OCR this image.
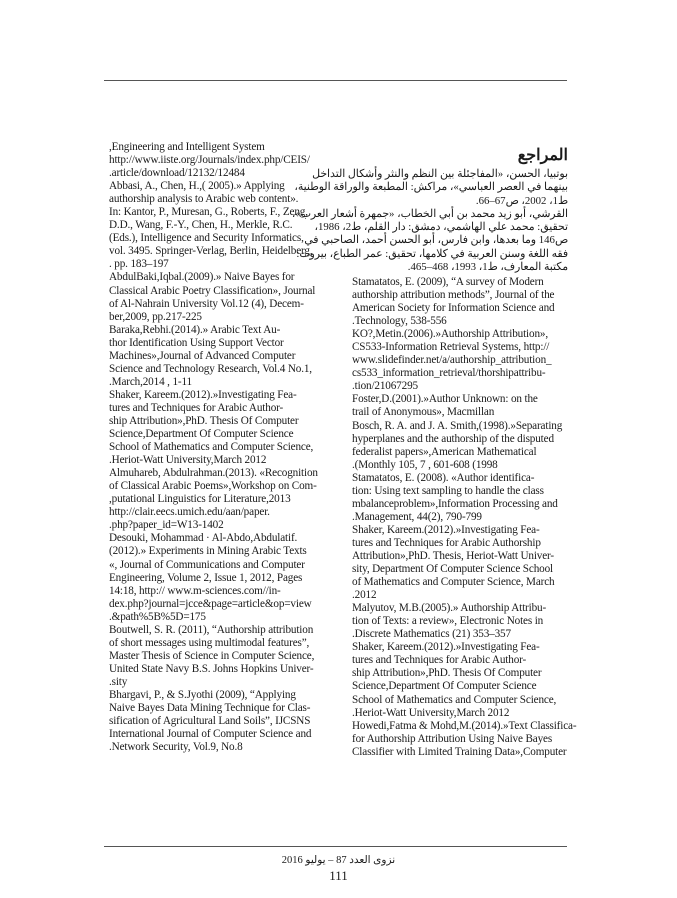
,Engineering and Intelligent System
http://www.iiste.org/Journals/index.php/CEIS/
.article/download/12132/12484
Abbasi, A., Chen, H.,( 2005).» Applying
authorship analysis to Arabic web content».
In: Kantor, P., Muresan, G., Roberts, F., Zeng,
D.D., Wang, F.-Y., Chen, H., Merkle, R.C.
(Eds.), Intelligence and Security Informatics,
vol. 3495. Springer-Verlag, Berlin, Heidelberg,
. pp. 183–197
AbdulBaki,Iqbal.(2009).» Naive Bayes for
Classical Arabic Poetry Classification», Journal
of Al-Nahrain University Vol.12 (4), Decem-
ber,2009, pp.217-225
Baraka,Rebhi.(2014).» Arabic Text Au-
thor Identification Using Support Vector
Machines»,Journal of Advanced Computer
Science and Technology Research, Vol.4 No.1,
.March,2014 , 1-11
Shaker, Kareem.(2012).»Investigating Fea-
tures and Techniques for Arabic Author-
ship Attribution»,PhD. Thesis Of Computer
Science,Department Of Computer Science
School of Mathematics and Computer Science,
.Heriot-Watt University,March 2012
Almuhareb, Abdulrahman.(2013). «Recognition
of Classical Arabic Poems»,Workshop on Com-
,putational Linguistics for Literature,2013
http://clair.eecs.umich.edu/aan/paper.
.php?paper_id=W13-1402
Desouki, Mohammad · Al-Abdo,Abdulatif.
(2012).» Experiments in Mining Arabic Texts
«, Journal of Communications and Computer
Engineering, Volume 2, Issue 1, 2012, Pages
14:18, http:// www.m-sciences.com//in-
dex.php?journal=jcce&page=article&op=view
.&path%5B%5D=175
Boutwell, S. R. (2011), “Authorship attribution
of short messages using multimodal features”,
Master Thesis of Science in Computer Science,
United State Navy B.S. Johns Hopkins Univer-
.sity
Bhargavi, P., & S.Jyothi (2009), “Applying
Naive Bayes Data Mining Technique for Clas-
sification of Agricultural Land Soils”, IJCSNS
International Journal of Computer Science and
.Network Security, Vol.9, No.8
المراجع
بوتبيا، الحسن، «المفاجئلة بين النظم والنثر وأشكال التداخل
بينهما في العصر العباسي»، مراكش: المطبعة والوراقة الوطنية،
ط1، 2002، ص67–66.
القرشي، أبو زيد محمد بن أبي الخطاب، «جمهرة أشعار العرب»،
تحقيق: محمد علي الهاشمي، دمشق: دار القلم، ط2، 1986،
ص146 وما بعدها، وابن فارس، أبو الحسن أحمد، الصاحبي في
فقه اللغة وسنن العربية في كلامها، تحقيق: عمر الطباع، بيروت:
مكتبة المعارف، ط1، 1993، 468–465.
Stamatatos, E. (2009), “A survey of Modern
authorship attribution methods”, Journal of the
American Society for Information Science and
.Technology, 538-556
KO?,Metin.(2006).»Authorship Attribution»,
CS533-Information Retrieval Systems, http://
www.slidefinder.net/a/authorship_attribution_
cs533_information_retrieval/thorshipattribu-
.tion/21067295
Foster,D.(2001).»Author Unknown: on the
trail of Anonymous», Macmillan
Bosch, R. A. and J. A. Smith,(1998).»Separating
hyperplanes and the authorship of the disputed
federalist papers»,American Mathematical
.(Monthly 105, 7 , 601-608 (1998
Stamatatos, E. (2008). «Author identifica-
tion: Using text sampling to handle the class
mbalanceproblem»,Information Processing and
.Management, 44(2), 790-799
Shaker, Kareem.(2012).»Investigating Fea-
tures and Techniques for Arabic Authorship
Attribution»,PhD. Thesis, Heriot-Watt Univer-
sity, Department Of Computer Science School
of Mathematics and Computer Science, March
.2012
Malyutov, M.B.(2005).» Authorship Attribu-
tion of Texts: a review», Electronic Notes in
.Discrete Mathematics (21) 353–357
Shaker, Kareem.(2012).»Investigating Fea-
tures and Techniques for Arabic Author-
ship Attribution»,PhD. Thesis Of Computer
Science,Department Of Computer Science
School of Mathematics and Computer Science,
.Heriot-Watt University,March 2012
Howedi,Fatma & Mohd,M.(2014).»Text Classifica-
for Authorship Attribution Using Naive Bayes
Classifier with Limited Training Data»,Computer
نزوى العدد 87 – يوليو 2016
111
